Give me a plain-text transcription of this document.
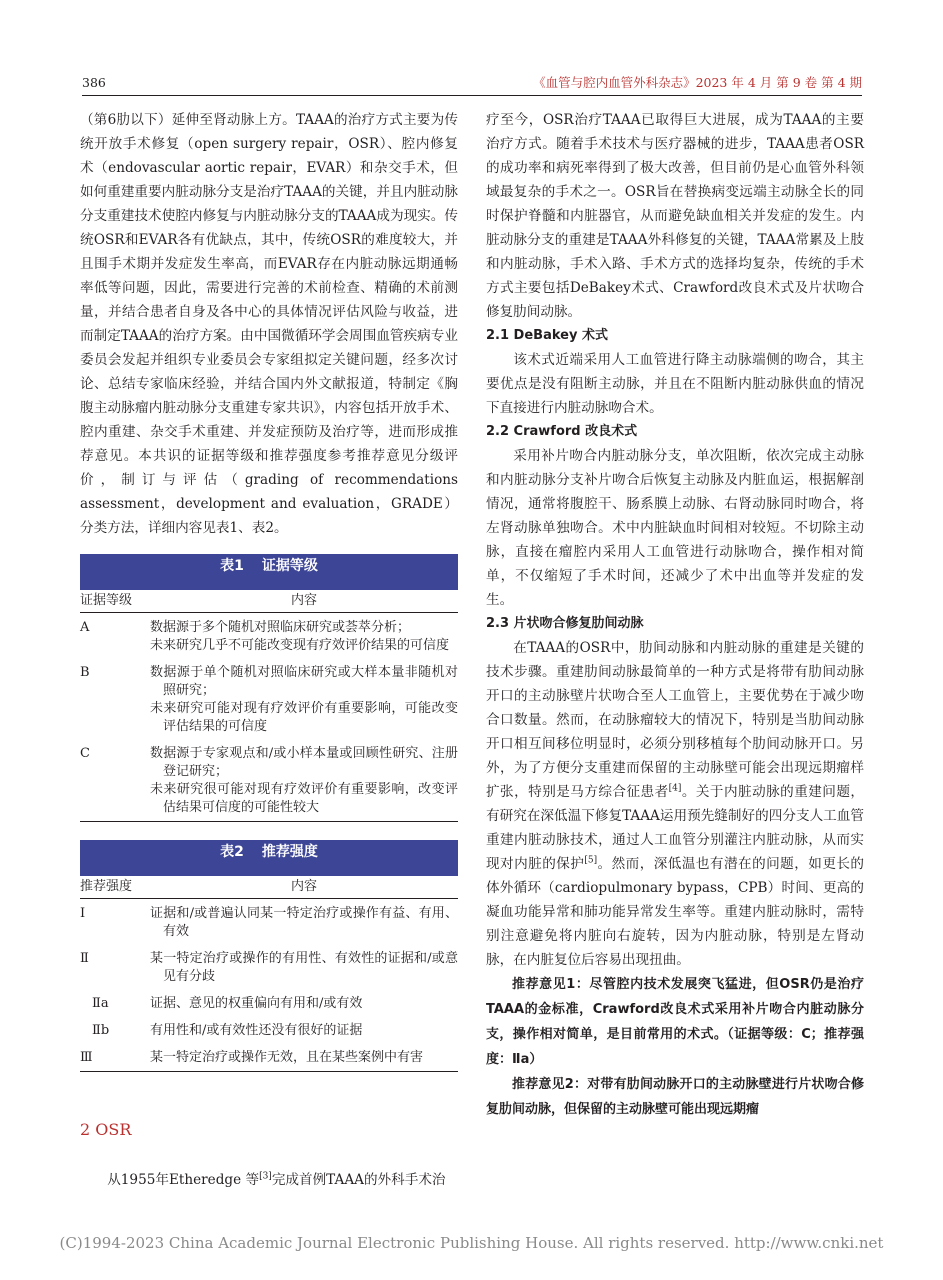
386	《血管与腔内血管外科杂志》2023 年 4 月 第 9 卷 第 4 期

（第6肋以下）延伸至肾动脉上方。TAAA的治疗方式主要为传统开放手术修复（open surgery repair，OSR）、腔内修复术（endovascular aortic repair，EVAR）和杂交手术，但如何重建重要内脏动脉分支是治疗TAAA的关键，并且内脏动脉分支重建技术使腔内修复与内脏动脉分支的TAAA成为现实。传统OSR和EVAR各有优缺点，其中，传统OSR的难度较大，并且围手术期并发症发生率高，而EVAR存在内脏动脉远期通畅率低等问题，因此，需要进行完善的术前检查、精确的术前测量，并结合患者自身及各中心的具体情况评估风险与收益，进而制定TAAA的治疗方案。由中国微循环学会周围血管疾病专业委员会发起并组织专业委员会专家组拟定关键问题，经多次讨论、总结专家临床经验，并结合国内外文献报道，特制定《胸腹主动脉瘤内脏动脉分支重建专家共识》，内容包括开放手术、腔内重建、杂交手术重建、并发症预防及治疗等，进而形成推荐意见。本共识的证据等级和推荐强度参考推荐意见分级评价，制订与评估（grading of recommendations assessment，development and evaluation，GRADE）分类方法，详细内容见表1、表2。

表1 证据等级	
证据等级	内容
A	数据源于多个随机对照临床研究或荟萃分析；
未来研究几乎不可能改变现有疗效评价结果的可信度

B	数据源于单个随机对照临床研究或大样本量非随机对照研究；
未来研究可能对现有疗效评价有重要影响，可能改变评估结果的可信度

C	数据源于专家观点和/或小样本量或回顾性研究、注册登记研究；
未来研究很可能对现有疗效评价有重要影响，改变评估结果可信度的可能性较大
表2 推荐强度	
推荐强度	内容
Ⅰ	证据和/或普遍认同某一特定治疗或操作有益、有用、有效
Ⅱ	某一特定治疗或操作的有用性、有效性的证据和/或意见有分歧
Ⅱa	证据、意见的权重偏向有用和/或有效
Ⅱb	有用性和/或有效性还没有很好的证据
Ⅲ	某一特定治疗或操作无效，且在某些案例中有害
2 OSR

从1955年Etheredge 等[3]完成首例TAAA的外科手术治

疗至今，OSR治疗TAAA已取得巨大进展，成为TAAA的主要治疗方式。随着手术技术与医疗器械的进步，TAAA患者OSR的成功率和病死率得到了极大改善，但目前仍是心血管外科领域最复杂的手术之一。OSR旨在替换病变远端主动脉全长的同时保护脊髓和内脏器官，从而避免缺血相关并发症的发生。内脏动脉分支的重建是TAAA外科修复的关键，TAAA常累及上肢和内脏动脉，手术入路、手术方式的选择均复杂，传统的手术方式主要包括DeBakey术式、Crawford改良术式及片状吻合修复肋间动脉。

2.1 DeBakey 术式

该术式近端采用人工血管进行降主动脉端侧的吻合，其主要优点是没有阻断主动脉，并且在不阻断内脏动脉供血的情况下直接进行内脏动脉吻合术。

2.2 Crawford 改良术式

采用补片吻合内脏动脉分支，单次阻断，依次完成主动脉和内脏动脉分支补片吻合后恢复主动脉及内脏血运，根据解剖情况，通常将腹腔干、肠系膜上动脉、右肾动脉同时吻合，将左肾动脉单独吻合。术中内脏缺血时间相对较短。不切除主动脉，直接在瘤腔内采用人工血管进行动脉吻合，操作相对简单，不仅缩短了手术时间，还减少了术中出血等并发症的发生。

2.3 片状吻合修复肋间动脉

在TAAA的OSR中，肋间动脉和内脏动脉的重建是关键的技术步骤。重建肋间动脉最简单的一种方式是将带有肋间动脉开口的主动脉壁片状吻合至人工血管上，主要优势在于减少吻合口数量。然而，在动脉瘤较大的情况下，特别是当肋间动脉开口相互间移位明显时，必须分别移植每个肋间动脉开口。另外，为了方便分支重建而保留的主动脉壁可能会出现远期瘤样扩张，特别是马方综合征患者[4]。关于内脏动脉的重建问题，有研究在深低温下修复TAAA运用预先缝制好的四分支人工血管重建内脏动脉技术，通过人工血管分别灌注内脏动脉，从而实现对内脏的保护[5]。然而，深低温也有潜在的问题，如更长的体外循环（cardiopulmonary bypass，CPB）时间、更高的凝血功能异常和肺功能异常发生率等。重建内脏动脉时，需特别注意避免将内脏向右旋转，因为内脏动脉，特别是左肾动脉，在内脏复位后容易出现扭曲。

推荐意见1：尽管腔内技术发展突飞猛进，但OSR仍是治疗TAAA的金标准，Crawford改良术式采用补片吻合内脏动脉分支，操作相对简单，是目前常用的术式。（证据等级：C；推荐强度：Ⅱa）

推荐意见2：对带有肋间动脉开口的主动脉壁进行片状吻合修复肋间动脉，但保留的主动脉壁可能出现远期瘤

(C)1994-2023 China Academic Journal Electronic Publishing House. All rights reserved. http://www.cnki.net
